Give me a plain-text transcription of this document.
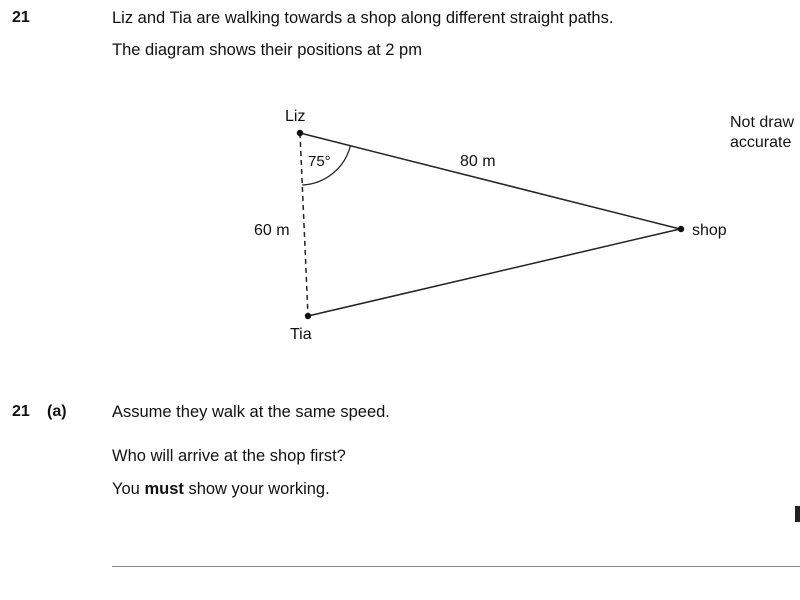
21	Liz and Tia are walking towards a shop along different straight paths.
The diagram shows their positions at 2 pm
Liz
Tia
shop
75°	80 m
60 m
Not draw
accurate
21 (a)	Assume they walk at the same speed.
Who will arrive at the shop first?
You must show your working.
